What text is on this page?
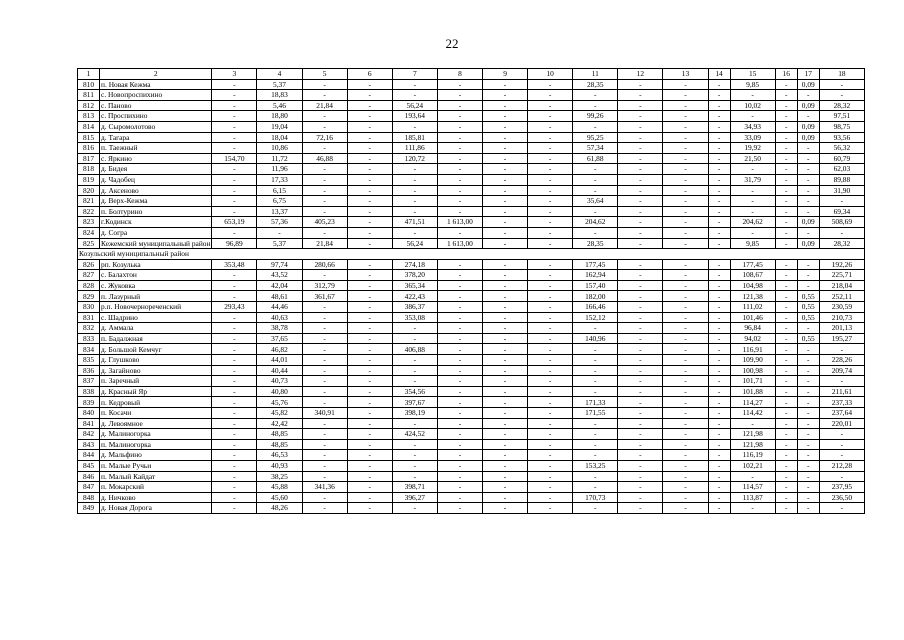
22
1	2	3	4	5	6	7	8	9	10	11	12	13	14	15	16	17	18
810	п. Новая Кежма	-	5,37	-	-	-	-	-	-	28,35	-	-	-	9,85	-	0,09	-
811	с. Новопроспихино	-	18,83	-	-	-	-	-	-	-	-	-	-	-	-	-	-
812	с. Паново	-	5,46	21,84	-	56,24	-	-	-	-	-	-	-	10,02	-	0,09	28,32
813	с. Проспихино	-	18,80	-	-	193,64	-	-	-	99,26	-	-	-	-	-	-	97,51
814	д. Сыромолотово	-	19,04	-	-	-	-	-	-	-	-	-	-	34,93	-	0,09	98,75
815	д. Тагара	-	18,04	72,16	-	185,81	-	-	-	95,25	-	-	-	33,09	-	0,09	93,56
816	п. Таежный	-	10,86	-	-	111,86	-	-	-	57,34	-	-	-	19,92	-	-	56,32
817	с. Яркино	154,70	11,72	46,88	-	120,72	-	-	-	61,88	-	-	-	21,50	-	-	60,79
818	д. Бидея	-	11,96	-	-	-	-	-	-	-	-	-	-	-	-	-	62,03
819	д. Чадобец	-	17,33	-	-	-	-	-	-	-	-	-	-	31,79	-	-	89,88
820	д. Аксеново	-	6,15	-	-	-	-	-	-	-	-	-	-	-	-	-	31,90
821	д. Верх-Кежма	-	6,75	-	-	-	-	-	-	35,64	-	-	-	-	-	-	-
822	п. Болтурино	-	13,37	-	-	-	-	-	-	-	-	-	-	-	-	-	69,34
823	г.Кодинск	653,19	57,36	405,23	-	471,51	1 613,00	-	-	204,62	-	-	-	204,62	-	0,09	508,69
824	д. Согра	-	-	-	-	-	-	-	-	-	-	-	-	-	-	-	-
825	Кежемский муниципальный район	96,89	5,37	21,84	-	56,24	1 613,00	-	-	28,35	-	-	-	9,85	-	0,09	28,32
Козульский муниципальный район																	
826	рп. Козулька	353,48	97,74	280,66	-	274,18	-	-	-	177,45	-	-	-	177,45	-	-	192,26
827	с. Балахтон	-	43,52	-	-	378,20	-	-	-	162,94	-	-	-	108,67	-	-	225,71
828	с. Жуковка	-	42,04	312,79	-	365,34	-	-	-	157,40	-	-	-	104,98	-	-	218,04
829	п. Лазурный	-	48,61	361,67	-	422,43	-	-	-	182,00	-	-	-	121,38	-	0,55	252,11
830	р.п. Новочернореченский	293,43	44,46	-	-	386,37	-	-	-	166,46	-	-	-	111,02	-	0,55	230,59
831	с. Шадрино	-	40,63	-	-	353,08	-	-	-	152,12	-	-	-	101,46	-	0,55	210,73
832	д. Аммала	-	38,78	-	-	-	-	-	-	-	-	-	-	96,84	-	-	201,13
833	п. Бадалжная	-	37,65	-	-	-	-	-	-	140,96	-	-	-	94,02	-	0,55	195,27
834	д. Большой Кемчуг	-	46,82	-	-	406,88	-	-	-	-	-	-	-	116,91	-	-	-
835	д. Глушково	-	44,01	-	-	-	-	-	-	-	-	-	-	109,90	-	-	228,26
836	д. Загайново	-	40,44	-	-	-	-	-	-	-	-	-	-	100,98	-	-	209,74
837	п. Заречный	-	40,73	-	-	-	-	-	-	-	-	-	-	101,71	-	-	-
838	д. Красный Яр	-	40,80	-	-	354,56	-	-	-	-	-	-	-	101,88	-	-	211,61
839	п. Кедровый	-	45,76	-	-	397,67	-	-	-	171,33	-	-	-	114,27	-	-	237,33
840	п. Косачи	-	45,82	340,91	-	398,19	-	-	-	171,55	-	-	-	114,42	-	-	237,64
841	д. Левоямное	-	42,42	-	-	-	-	-	-	-	-	-	-	-	-	-	220,01
842	д. Малиногорка	-	48,85	-	-	424,52	-	-	-	-	-	-	-	121,98	-	-	-
843	п. Малиногорка	-	48,85	-	-	-	-	-	-	-	-	-	-	121,98	-	-	-
844	д. Мальфино	-	46,53	-	-	-	-	-	-	-	-	-	-	116,19	-	-	-
845	п. Малые Ручьи	-	40,93	-	-	-	-	-	-	153,25	-	-	-	102,21	-	-	212,28
846	п. Малый Кайдат	-	38,25	-	-	-	-	-	-	-	-	-	-	-	-	-	-
847	п. Мокарский	-	45,88	341,36	-	398,71	-	-	-	-	-	-	-	114,57	-	-	237,95
848	д. Ничково	-	45,60	-	-	396,27	-	-	-	170,73	-	-	-	113,87	-	-	236,50
849	д. Новая Дорога	-	48,26	-	-	-	-	-	-	-	-	-	-	-	-	-	-
